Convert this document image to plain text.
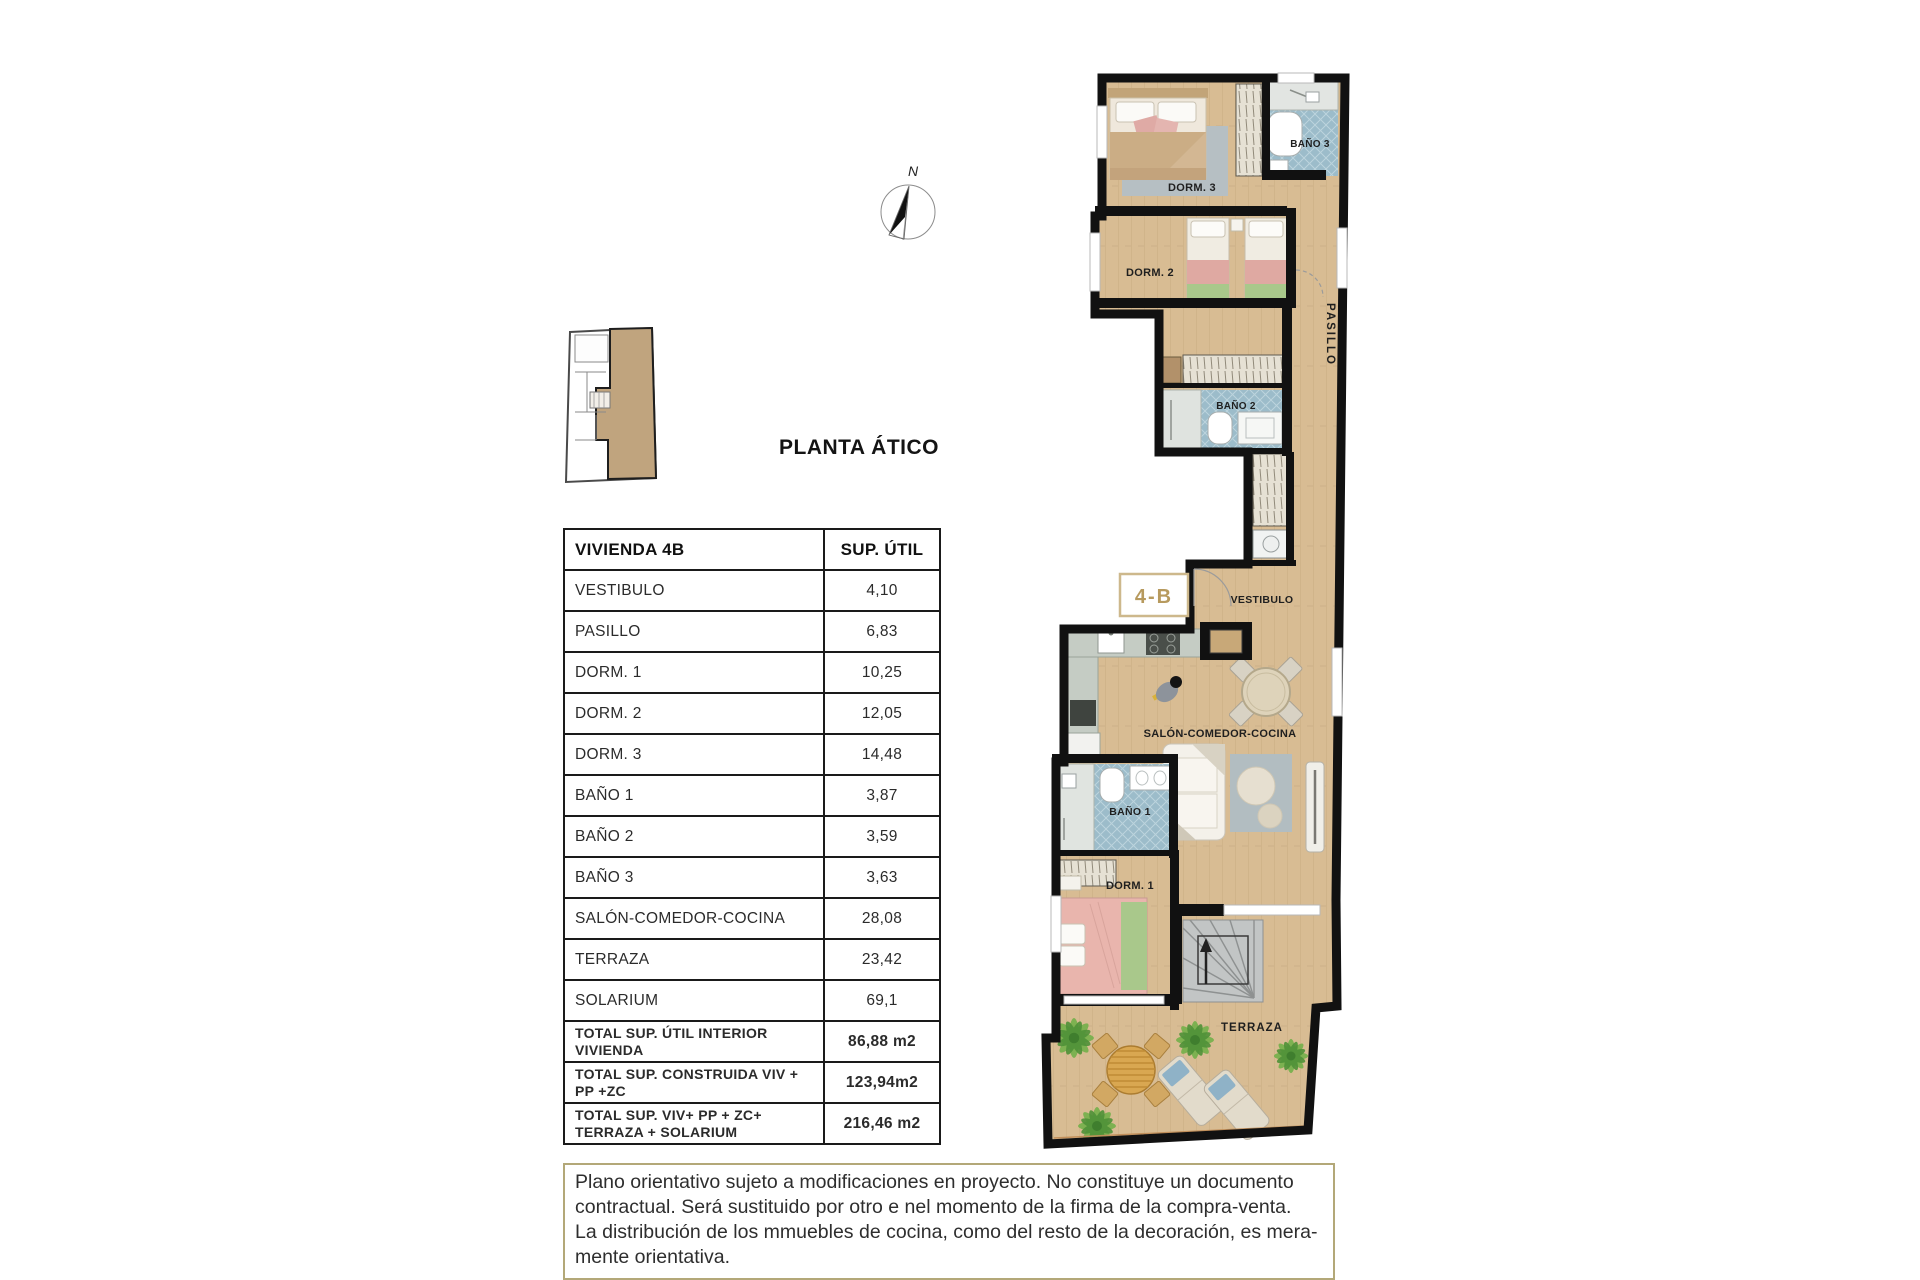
N
PLANTA ÁTICO
VIVIENDA 4B	SUP. ÚTIL
VESTIBULO	4,10
PASILLO	6,83
DORM. 1	10,25
DORM. 2	12,05
DORM. 3	14,48
BAÑO 1	3,87
BAÑO 2	3,59
BAÑO 3	3,63
SALÓN-COMEDOR-COCINA	28,08
TERRAZA	23,42
SOLARIUM	69,1
TOTAL SUP. ÚTIL INTERIOR VIVIENDA	86,88 m2
TOTAL SUP. CONSTRUIDA VIV + PP +ZC	123,94m2
TOTAL SUP. VIV+ PP + ZC+ TERRAZA + SOLARIUM	216,46 m2
4-B
DORM. 3
BAÑO 3
DORM. 2
BAÑO 2
PASILLO
VESTIBULO
SALÓN-COMEDOR-COCINA
BAÑO 1
DORM. 1
TERRAZA
Plano orientativo sujeto a modificaciones en proyecto. No constituye un documento
contractual. Será sustituido por otro e nel momento de la firma de la compra-venta.
La distribución de los mmuebles de cocina, como del resto de la decoración, es mera-
mente orientativa.
